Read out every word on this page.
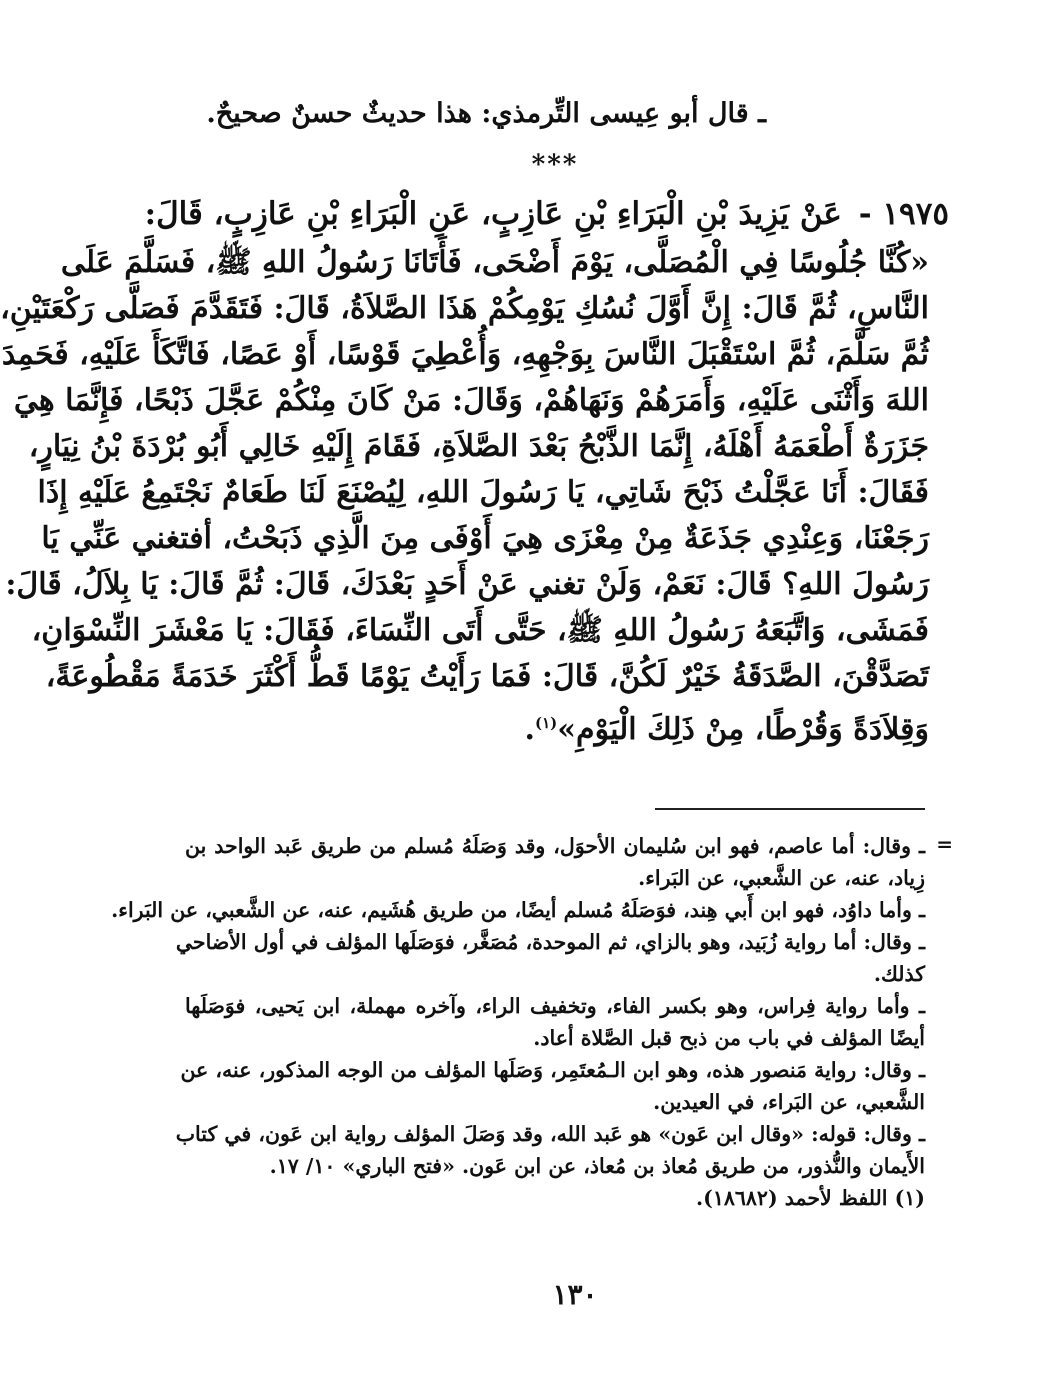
ـ قال أبو عِيسى التِّرمذي: هذا حديثٌ حسنٌ صحيحٌ.
***
١٩٧٥ - عَنْ يَزِيدَ بْنِ الْبَرَاءِ بْنِ عَازِبٍ، عَنِ الْبَرَاءِ بْنِ عَازِبٍ، قَالَ:
«كُنَّا جُلُوسًا فِي الْمُصَلَّى، يَوْمَ أَضْحَى، فَأَتَانَا رَسُولُ اللهِ ﷺ، فَسَلَّمَ عَلَى
النَّاسِ، ثُمَّ قَالَ: إِنَّ أَوَّلَ نُسُكِ يَوْمِكُمْ هَذَا الصَّلاَةُ، قَالَ: فَتَقَدَّمَ فَصَلَّى رَكْعَتَيْنِ،
ثُمَّ سَلَّمَ، ثُمَّ اسْتَقْبَلَ النَّاسَ بِوَجْهِهِ، وَأُعْطِيَ قَوْسًا، أَوْ عَصًا، فَاتَّكَأَ عَلَيْهِ، فَحَمِدَ
اللهَ وَأَثْنَى عَلَيْهِ، وَأَمَرَهُمْ وَنَهَاهُمْ، وَقَالَ: مَنْ كَانَ مِنْكُمْ عَجَّلَ ذَبْحًا، فَإِنَّمَا هِيَ
جَزَرَةٌ أَطْعَمَهُ أَهْلَهُ، إِنَّمَا الذَّبْحُ بَعْدَ الصَّلاَةِ، فَقَامَ إِلَيْهِ خَالِي أَبُو بُرْدَةَ بْنُ نِيَارٍ،
فَقَالَ: أَنَا عَجَّلْتُ ذَبْحَ شَاتِي، يَا رَسُولَ اللهِ، لِيُصْنَعَ لَنَا طَعَامٌ نَجْتَمِعُ عَلَيْهِ إِذَا
رَجَعْنَا، وَعِنْدِي جَذَعَةٌ مِنْ مِعْزَى هِيَ أَوْفَى مِنَ الَّذِي ذَبَحْتُ، أفتغني عَنِّي يَا
رَسُولَ اللهِ؟ قَالَ: نَعَمْ، وَلَنْ تغني عَنْ أَحَدٍ بَعْدَكَ، قَالَ: ثُمَّ قَالَ: يَا بِلاَلُ، قَالَ:
فَمَشَى، وَاتَّبَعَهُ رَسُولُ اللهِ ﷺ، حَتَّى أَتَى النِّسَاءَ، فَقَالَ: يَا مَعْشَرَ النِّسْوَانِ،
تَصَدَّقْنَ، الصَّدَقَةُ خَيْرٌ لَكُنَّ، قَالَ: فَمَا رَأَيْتُ يَوْمًا قَطُّ أَكْثَرَ خَدَمَةً مَقْطُوعَةً،
وَقِلاَدَةً وَقُرْطًا، مِنْ ذَلِكَ الْيَوْمِ»$^{(١)}$.
=
ـ وقال: أما عاصم، فهو ابن سُليمان الأحوَل، وقد وَصَلَهُ مُسلم من طريق عَبد الواحد بن
زِياد، عنه، عن الشَّعبي، عن البَراء.
ـ وأما داوُد، فهو ابن أَبي هِند، فوَصَلَهُ مُسلم أيضًا، من طريق هُشَيم، عنه، عن الشَّعبي، عن البَراء.
ـ وقال: أما رواية زُبَيد، وهو بالزاي، ثم الموحدة، مُصَغَّر، فوَصَلَها المؤلف في أول الأضاحي
كذلك.
ـ وأما رواية فِراس، وهو بكسر الفاء، وتخفيف الراء، وآخره مهملة، ابن يَحيى، فوَصَلَها
أيضًا المؤلف في باب من ذبح قبل الصَّلاة أعاد.
ـ وقال: رواية مَنصور هذه، وهو ابن الـمُعتَمِر، وَصَلَها المؤلف من الوجه المذكور، عنه، عن
الشَّعبي، عن البَراء، في العيدين.
ـ وقال: قوله: «وقال ابن عَون» هو عَبد الله، وقد وَصَلَ المؤلف رواية ابن عَون، في كتاب
الأَيمان والنُّذور، من طريق مُعاذ بن مُعاذ، عن ابن عَون. «فتح الباري» ١٠/ ١٧.
(١) اللفظ لأحمد (١٨٦٨٢).
١٣٠
